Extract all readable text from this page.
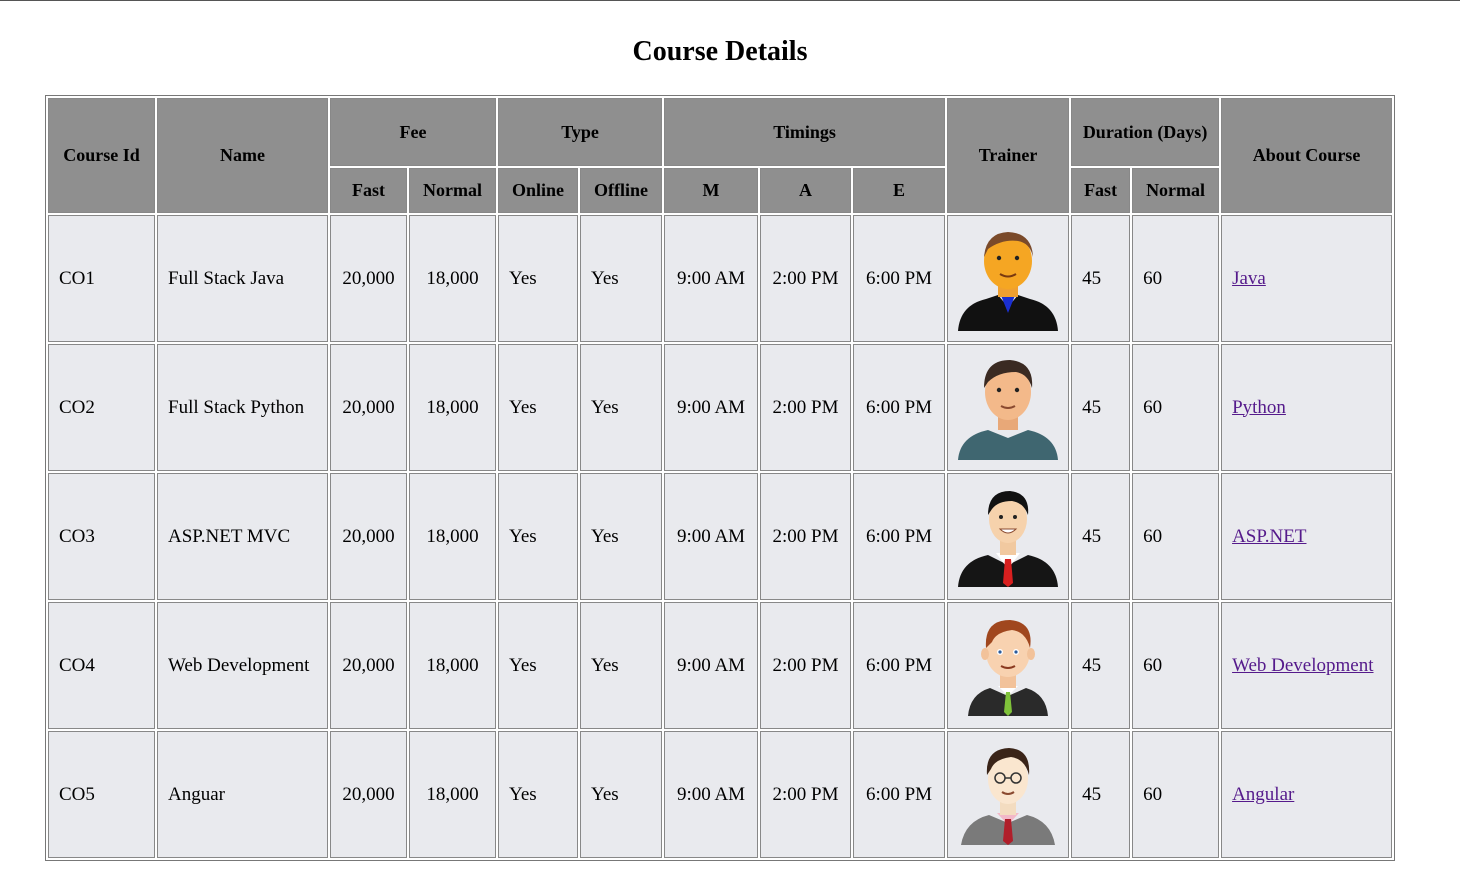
Course Details
Course Id	Name	Fee		Type		Timings			Trainer	Duration (Days)		About Course
		Fast	Normal	Online	Offline	M	A	E		Fast	Normal	
CO1	Full Stack Java	20,000	18,000	Yes	Yes	9:00 AM	2:00 PM	6:00 PM		45	60	Java
CO2	Full Stack Python	20,000	18,000	Yes	Yes	9:00 AM	2:00 PM	6:00 PM		45	60	Python
CO3	ASP.NET MVC	20,000	18,000	Yes	Yes	9:00 AM	2:00 PM	6:00 PM		45	60	ASP.NET
CO4	Web Development	20,000	18,000	Yes	Yes	9:00 AM	2:00 PM	6:00 PM		45	60	Web Development
CO5	Anguar	20,000	18,000	Yes	Yes	9:00 AM	2:00 PM	6:00 PM		45	60	Angular
